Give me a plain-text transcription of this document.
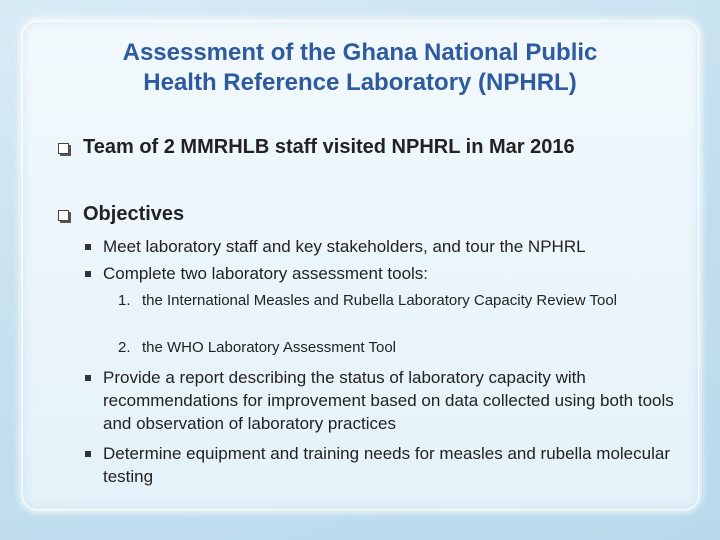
Assessment of the Ghana National Public
Health Reference Laboratory (NPHRL)
Team of 2 MMRHLB staff visited NPHRL in Mar 2016
Objectives
Meet laboratory staff and key stakeholders, and tour the NPHRL
Complete two laboratory assessment tools:
1. the International Measles and Rubella Laboratory Capacity Review Tool
2. the WHO Laboratory Assessment Tool
Provide a report describing the status of laboratory capacity with recommendations for improvement based on data collected using both tools and observation of laboratory practices
Determine equipment and training needs for measles and rubella molecular testing
